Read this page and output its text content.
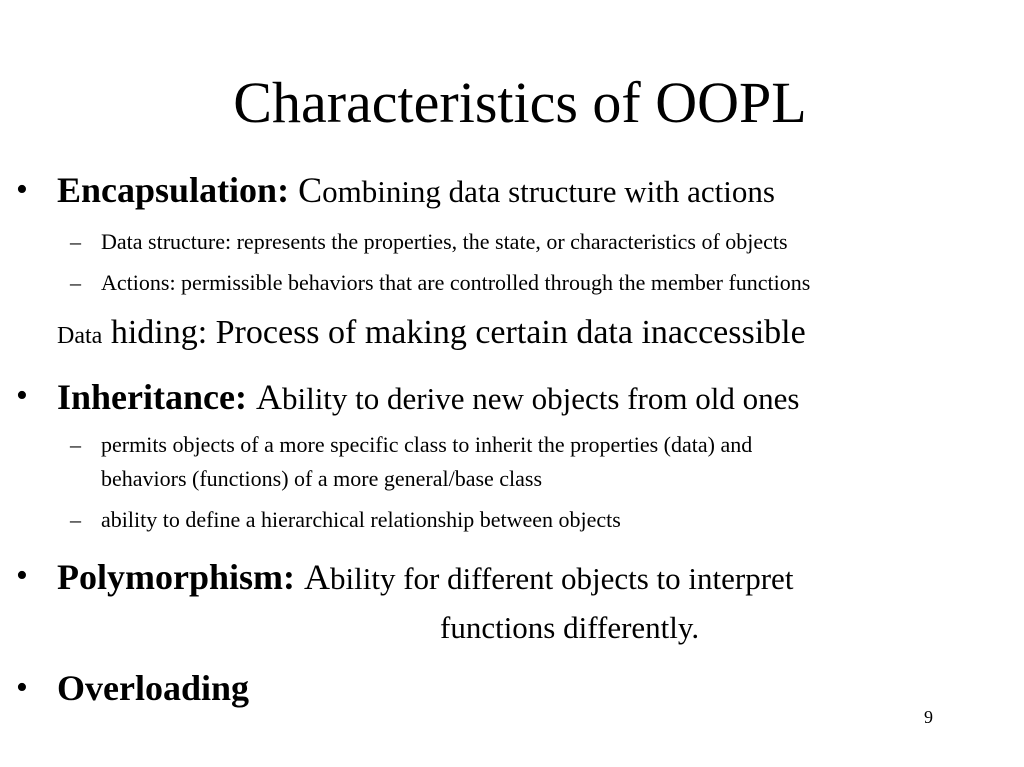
Characteristics of OOPL
• Encapsulation: Combining data structure with actions
– Data structure: represents the properties, the state, or characteristics of objects
– Actions: permissible behaviors that are controlled through the member functions
Data hiding: Process of making certain data inaccessible
• Inheritance: Ability to derive new objects from old ones
– permits objects of a more specific class to inherit the properties (data) and
behaviors (functions) of a more general/base class
– ability to define a hierarchical relationship between objects
• Polymorphism: Ability for different objects to interpret
functions differently.
• Overloading
9
